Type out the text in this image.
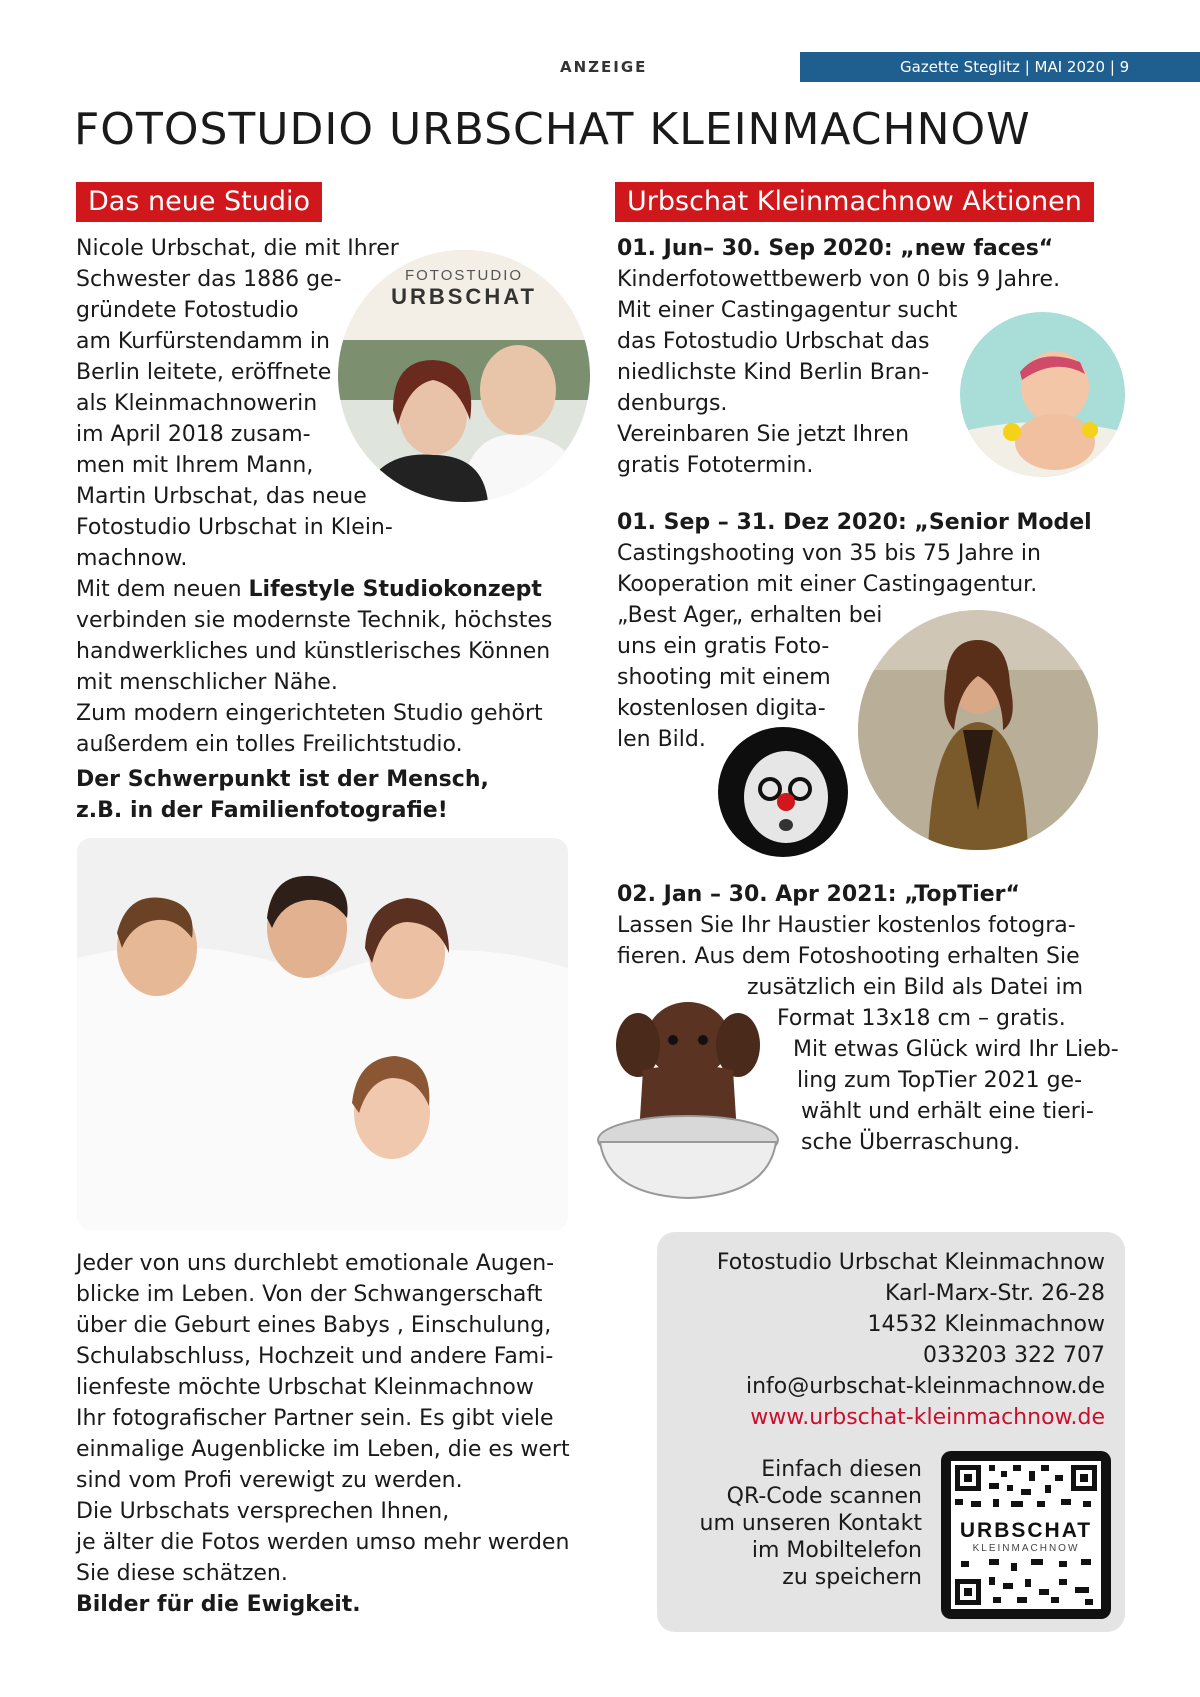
ANZEIGE	Gazette Steglitz | MAI 2020 | 9
FOTOSTUDIO URBSCHAT KLEINMACHNOW
Das neue Studio
Nicole Urbschat, die mit Ihrer
Schwester das 1886 ge-
gründete Fotostudio
am Kurfürstendamm in
Berlin leitete, eröffnete
als Kleinmachnowerin
im April 2018 zusam-
men mit Ihrem Mann,
Martin Urbschat, das neue
Fotostudio Urbschat in Klein-
machnow.
Mit dem neuen Lifestyle Studiokonzept
verbinden sie modernste Technik, höchstes
handwerkliches und künstlerisches Können
mit menschlicher Nähe.
Zum modern eingerichteten Studio gehört
außerdem ein tolles Freilichtstudio.
Der Schwerpunkt ist der Mensch,
z.B. in der Familienfotografie!
FOTOSTUDIO
URBSCHAT
Jeder von uns durchlebt emotionale Augen-
blicke im Leben. Von der Schwangerschaft
über die Geburt eines Babys , Einschulung,
Schulabschluss, Hochzeit und andere Fami-
lienfeste möchte Urbschat Kleinmachnow
Ihr fotografischer Partner sein. Es gibt viele
einmalige Augenblicke im Leben, die es wert
sind vom Profi verewigt zu werden.
Die Urbschats versprechen Ihnen,
je älter die Fotos werden umso mehr werden
Sie diese schätzen.
Bilder für die Ewigkeit.
Urbschat Kleinmachnow Aktionen
01. Jun– 30. Sep 2020: „new faces“
Kinderfotowettbewerb von 0 bis 9 Jahre.
Mit einer Castingagentur sucht
das Fotostudio Urbschat das
niedlichste Kind Berlin Bran-
denburgs.
Vereinbaren Sie jetzt Ihren
gratis Fototermin.
01. Sep – 31. Dez 2020: „Senior Model
Castingshooting von 35 bis 75 Jahre in
Kooperation mit einer Castingagentur.
„Best Ager„ erhalten bei
uns ein gratis Foto-
shooting mit einem
kostenlosen digita-
len Bild.
02. Jan – 30. Apr 2021: „TopTier“
Lassen Sie Ihr Haustier kostenlos fotogra-
fieren. Aus dem Fotoshooting erhalten Sie
zusätzlich ein Bild als Datei im
Format 13x18 cm – gratis.
Mit etwas Glück wird Ihr Lieb-
ling zum TopTier 2021 ge-
wählt und erhält eine tieri-
sche Überraschung.
Fotostudio Urbschat Kleinmachnow
Karl-Marx-Str. 26-28
14532 Kleinmachnow
033203 322 707
info@urbschat-kleinmachnow.de
www.urbschat-kleinmachnow.de
Einfach diesen
QR-Code scannen
um unseren Kontakt
im Mobiltelefon
zu speichern
URBSCHAT
KLEINMACHNOW
